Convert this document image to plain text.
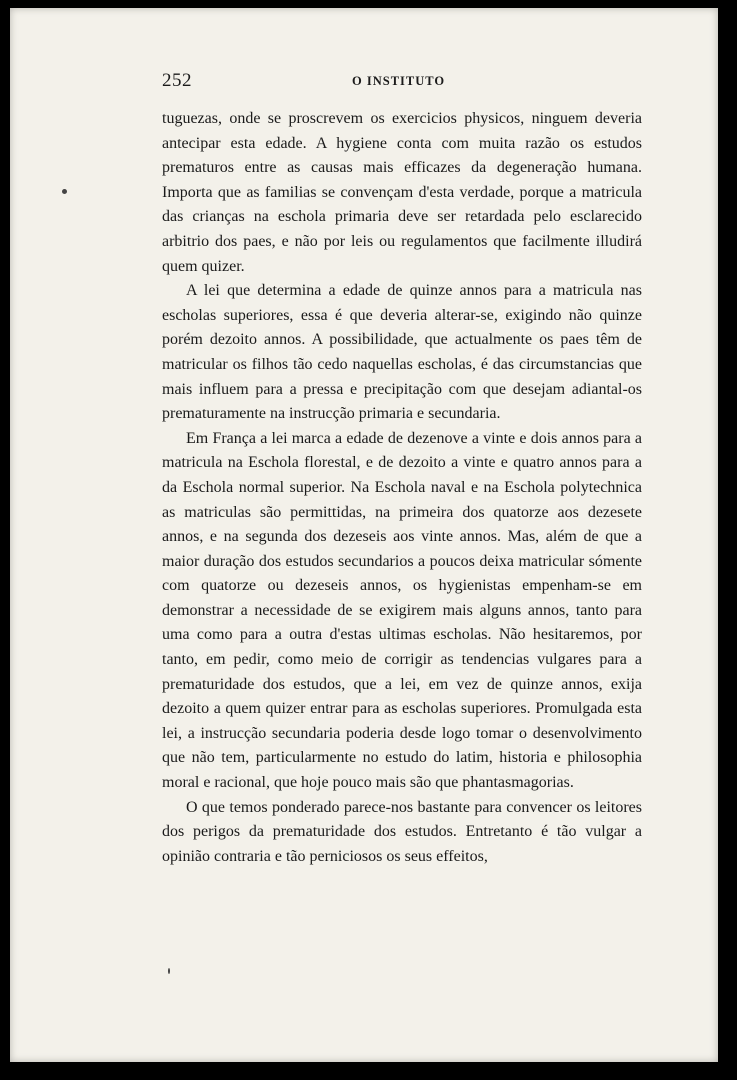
252	O INSTITUTO

tuguezas, onde se proscrevem os exercicios physicos, ninguem deveria antecipar esta edade. A hygiene conta com muita razão os estudos prematuros entre as causas mais efficazes da degeneração humana. Importa que as familias se convençam d'esta verdade, porque a matricula das crianças na eschola primaria deve ser retardada pelo esclarecido arbitrio dos paes, e não por leis ou regulamentos que facilmente illudirá quem quizer.

A lei que determina a edade de quinze annos para a matricula nas escholas superiores, essa é que deveria alterar-se, exigindo não quinze porém dezoito annos. A possibilidade, que actualmente os paes têm de matricular os filhos tão cedo naquellas escholas, é das circumstancias que mais influem para a pressa e precipitação com que desejam adiantal-os prematuramente na instrucção primaria e secundaria.

Em França a lei marca a edade de dezenove a vinte e dois annos para a matricula na Eschola florestal, e de dezoito a vinte e quatro annos para a da Eschola normal superior. Na Eschola naval e na Eschola polytechnica as matriculas são permittidas, na primeira dos quatorze aos dezesete annos, e na segunda dos dezeseis aos vinte annos. Mas, além de que a maior duração dos estudos secundarios a poucos deixa matricular sómente com quatorze ou dezeseis annos, os hygienistas empenham-se em demonstrar a necessidade de se exigirem mais alguns annos, tanto para uma como para a outra d'estas ultimas escholas. Não hesitaremos, por tanto, em pedir, como meio de corrigir as tendencias vulgares para a prematuridade dos estudos, que a lei, em vez de quinze annos, exija dezoito a quem quizer entrar para as escholas superiores. Promulgada esta lei, a instrucção secundaria poderia desde logo tomar o desenvolvimento que não tem, particularmente no estudo do latim, historia e philosophia moral e racional, que hoje pouco mais são que phantasmagorias.

O que temos ponderado parece-nos bastante para convencer os leitores dos perigos da prematuridade dos estudos. Entretanto é tão vulgar a opinião contraria e tão perniciosos os seus effeitos,
